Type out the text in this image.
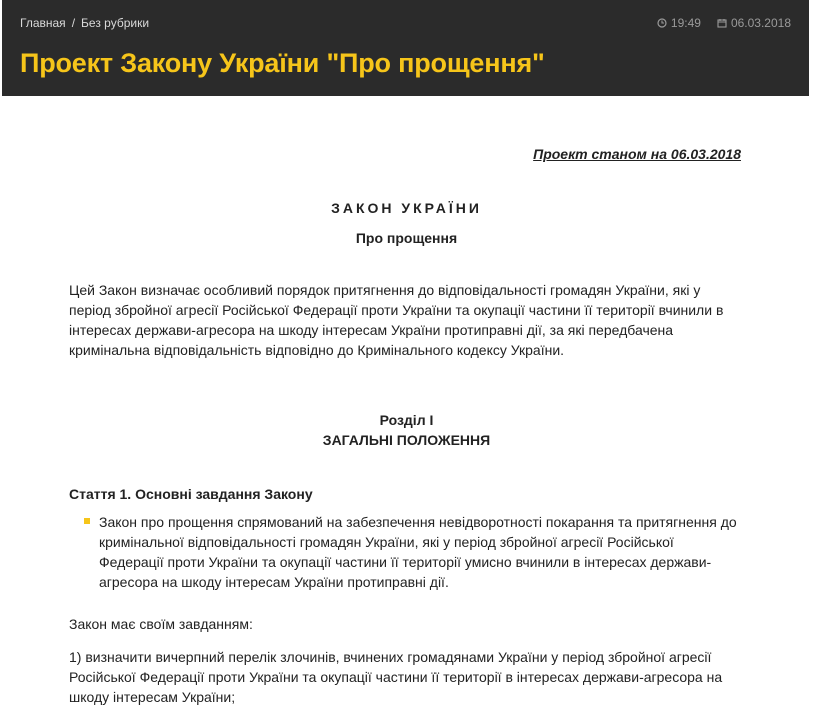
Главная / Без рубрики	19:49	06.03.2018
Проект Закону України "Про прощення"
Проект станом на 06.03.2018
ЗАКОН УКРАЇНИ
Про прощення

Цей Закон визначає особливий порядок притягнення до відповідальності громадян України, які у період збройної агресії Російської Федерації проти України та окупації частини її території вчинили в інтересах держави-агресора на шкоду інтересам України протиправні дії, за які передбачена кримінальна відповідальність відповідно до Кримінального кодексу України.

Розділ І
ЗАГАЛЬНІ ПОЛОЖЕННЯ
Стаття 1. Основні завдання Закону

Закон про прощення спрямований на забезпечення невідворотності покарання та притягнення до кримінальної відповідальності громадян України, які у період збройної агресії Російської Федерації проти України та окупації частини її території умисно вчинили в інтересах держави-агресора на шкоду інтересам України протиправні дії.

Закон має своїм завданням:

1) визначити вичерпний перелік злочинів, вчинених громадянами України у період збройної агресії Російської Федерації проти України та окупації частини її території в інтересах держави-агресора на шкоду інтересам України;
